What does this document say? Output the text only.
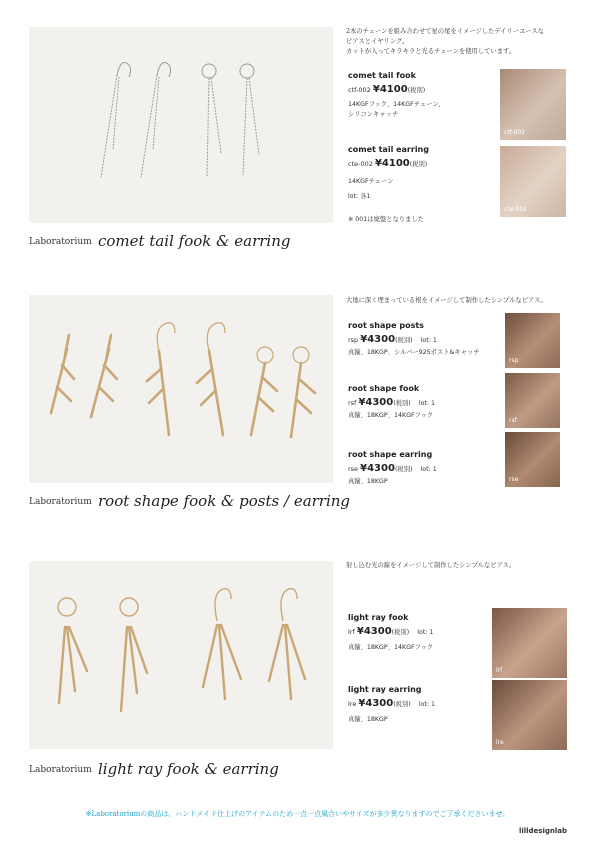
Laboratorium comet tail fook & earring
2本のチェーンを組み合わせて星の尾をイメージしたデイリーユースな
ピアスとイヤリング。
カットが入ってキラキラと光るチェーンを使用しています。
comet tail fook
ctf-002 ¥4100(税別)
14KGFフック、14KGFチェーン、
シリコンキャッチ
ctf-002
comet tail earring
cte-002 ¥4100(税別)
14KGFチェーン
lot: 各1
cte-002
※ 001は廃盤となりました
Laboratorium root shape fook & posts / earring
大地に深く埋まっている根をイメージして制作したシンプルなピアス。
root shape posts
rsp ¥4300(税別) lot: 1
真鍮、18KGP、シルバー925ポスト&キャッチ
rsp
root shape fook
rsf ¥4300(税別) lot: 1
真鍮、18KGP、14KGFフック
rsf
root shape earring
rse ¥4300(税別) lot: 1
真鍮、18KGP	rse
Laboratorium light ray fook & earring
射し込む光の線をイメージして制作したシンプルなピアス。
light ray fook
lrf ¥4300(税別) lot: 1
真鍮、18KGP、14KGFフック
lrf
light ray earring
lre ¥4300(税別) lot: 1
真鍮、18KGP
lre
※Laboratoriumの商品は、ハンドメイド仕上げのアイテムのため一点一点風合いやサイズが多少異なりますのでご了承くださいませ。
lilldesignlab
